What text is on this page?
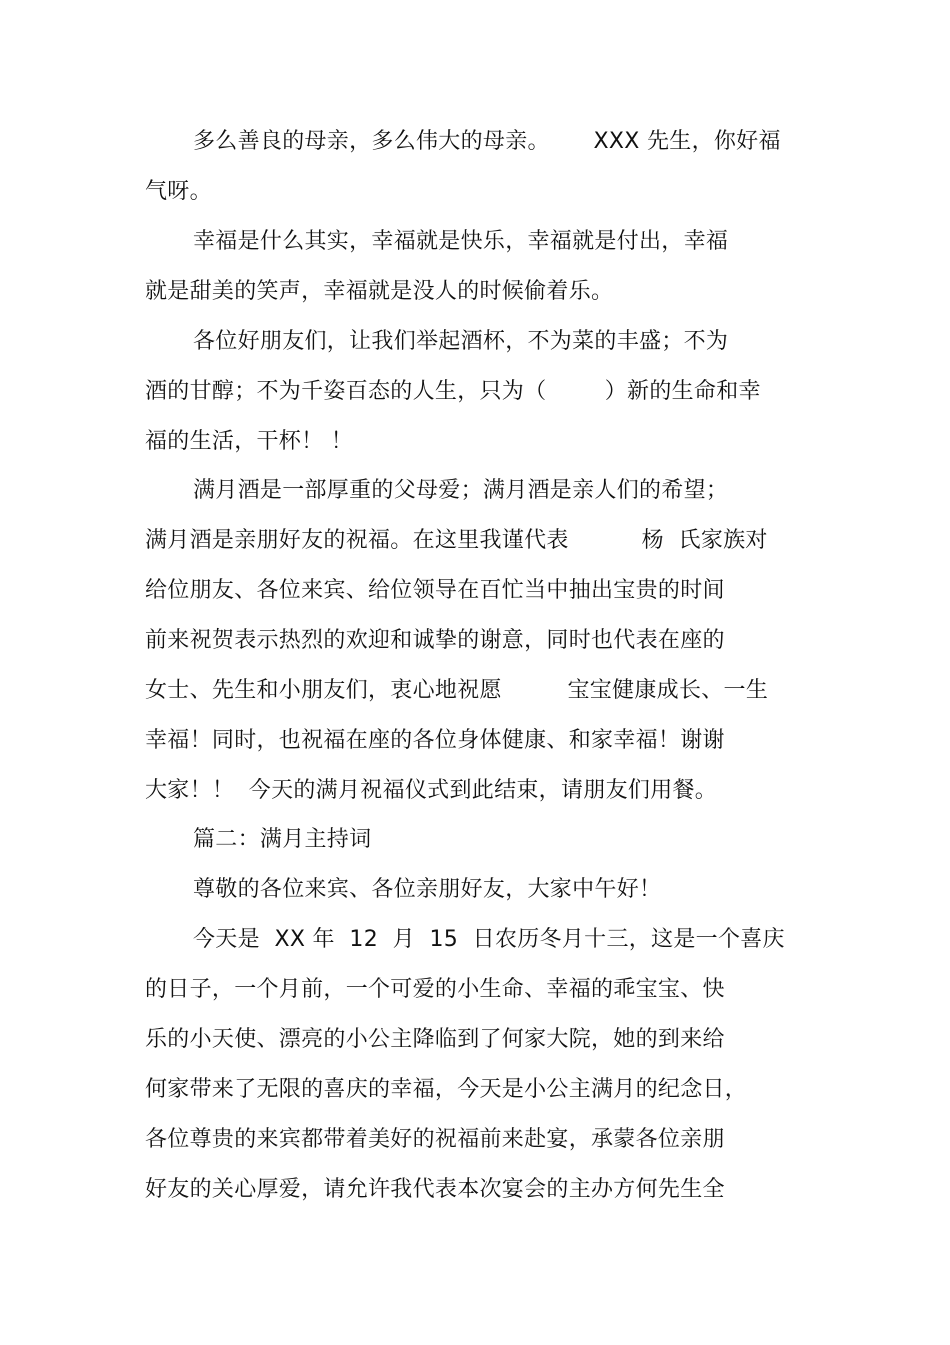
多么善良的母亲，多么伟大的母亲。      XXX 先生，你好福
气呀。
幸福是什么其实，幸福就是快乐，幸福就是付出，幸福
就是甜美的笑声，幸福就是没人的时候偷着乐。
各位好朋友们，让我们举起酒杯，不为菜的丰盛；不为
酒的甘醇；不为千姿百态的人生，只为（        ）新的生命和幸
福的生活，干杯！ ！
满月酒是一部厚重的父母爱；满月酒是亲人们的希望；
满月酒是亲朋好友的祝福。在这里我谨代表          杨  氏家族对
给位朋友、各位来宾、给位领导在百忙当中抽出宝贵的时间
前来祝贺表示热烈的欢迎和诚挚的谢意，同时也代表在座的
女士、先生和小朋友们，衷心地祝愿         宝宝健康成长、一生
幸福！同时，也祝福在座的各位身体健康、和家幸福！谢谢
大家！！  今天的满月祝福仪式到此结束，请朋友们用餐。
篇二：满月主持词
尊敬的各位来宾、各位亲朋好友，大家中午好！
今天是  XX 年  12  月  15  日农历冬月十三，这是一个喜庆
的日子，一个月前，一个可爱的小生命、幸福的乖宝宝、快
乐的小天使、漂亮的小公主降临到了何家大院，她的到来给
何家带来了无限的喜庆的幸福，今天是小公主满月的纪念日，
各位尊贵的来宾都带着美好的祝福前来赴宴，承蒙各位亲朋
好友的关心厚爱，请允许我代表本次宴会的主办方何先生全
